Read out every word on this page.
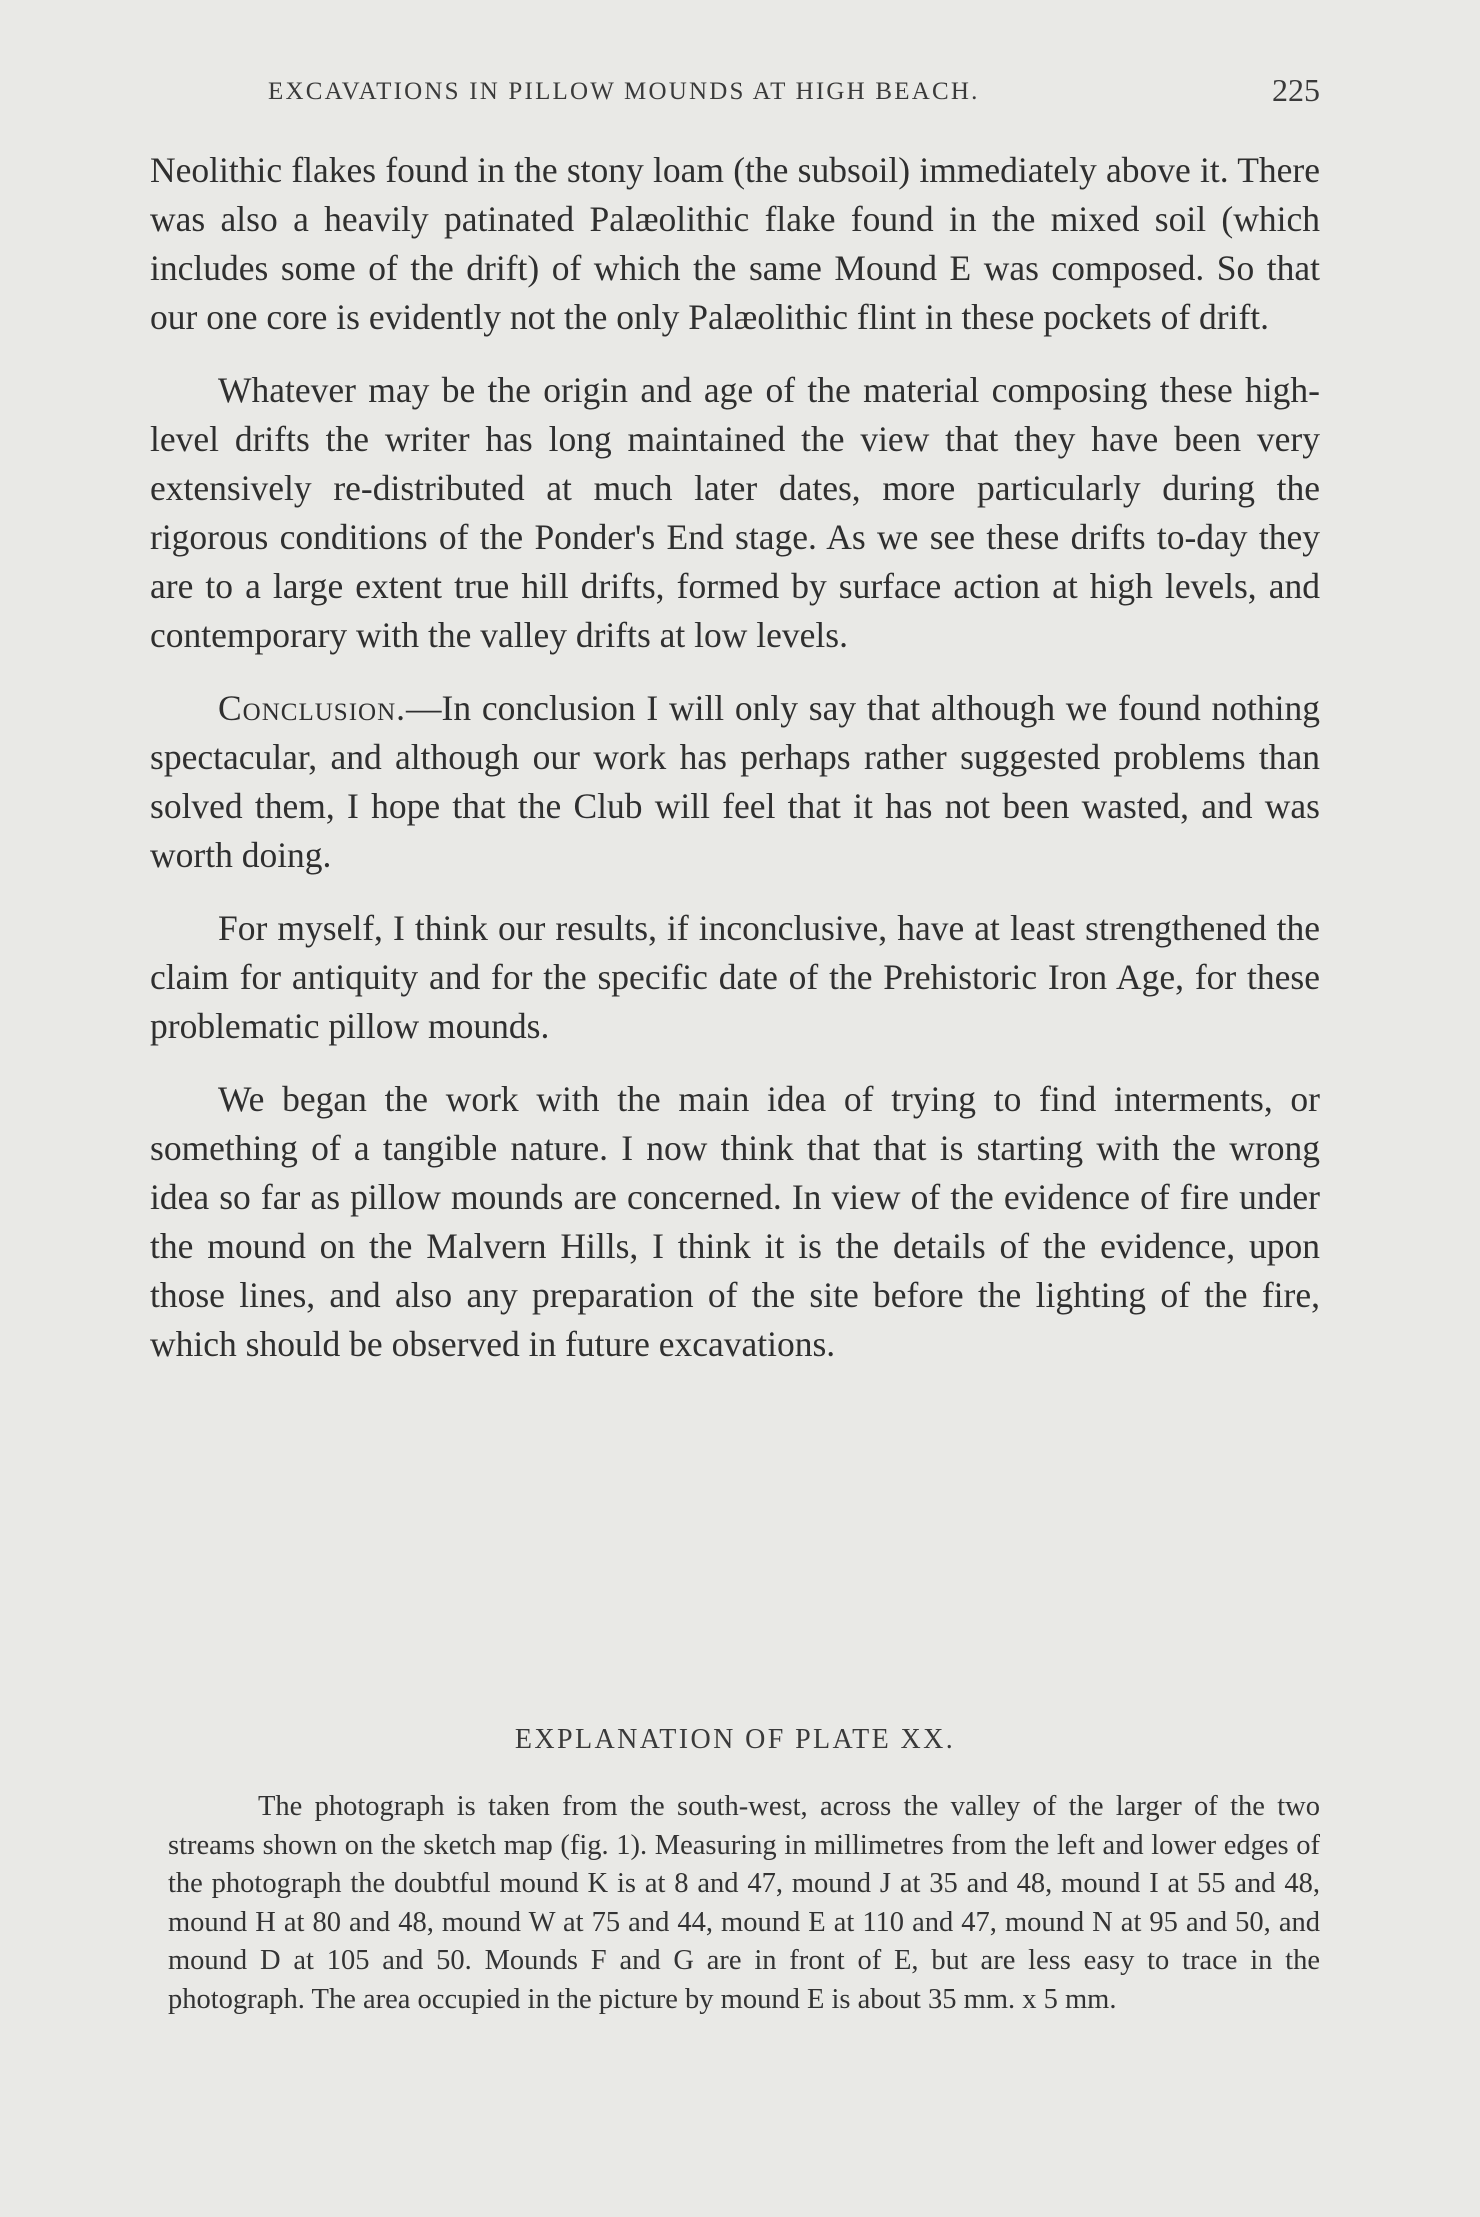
EXCAVATIONS IN PILLOW MOUNDS AT HIGH BEACH.	225

Neolithic flakes found in the stony loam (the subsoil) immediately above it. There was also a heavily patinated Palæolithic flake found in the mixed soil (which includes some of the drift) of which the same Mound E was composed. So that our one core is evidently not the only Palæolithic flint in these pockets of drift.

Whatever may be the origin and age of the material composing these high-level drifts the writer has long maintained the view that they have been very extensively re-distributed at much later dates, more particularly during the rigorous conditions of the Ponder's End stage. As we see these drifts to-day they are to a large extent true hill drifts, formed by surface action at high levels, and contemporary with the valley drifts at low levels.

Conclusion.—In conclusion I will only say that although we found nothing spectacular, and although our work has perhaps rather suggested problems than solved them, I hope that the Club will feel that it has not been wasted, and was worth doing.

For myself, I think our results, if inconclusive, have at least strengthened the claim for antiquity and for the specific date of the Prehistoric Iron Age, for these problematic pillow mounds.

We began the work with the main idea of trying to find interments, or something of a tangible nature. I now think that that is starting with the wrong idea so far as pillow mounds are concerned. In view of the evidence of fire under the mound on the Malvern Hills, I think it is the details of the evidence, upon those lines, and also any preparation of the site before the lighting of the fire, which should be observed in future excavations.

EXPLANATION OF PLATE XX.

The photograph is taken from the south-west, across the valley of the larger of the two streams shown on the sketch map (fig. 1). Measuring in millimetres from the left and lower edges of the photograph the doubtful mound K is at 8 and 47, mound J at 35 and 48, mound I at 55 and 48, mound H at 80 and 48, mound W at 75 and 44, mound E at 110 and 47, mound N at 95 and 50, and mound D at 105 and 50. Mounds F and G are in front of E, but are less easy to trace in the photograph. The area occupied in the picture by mound E is about 35 mm. x 5 mm.
